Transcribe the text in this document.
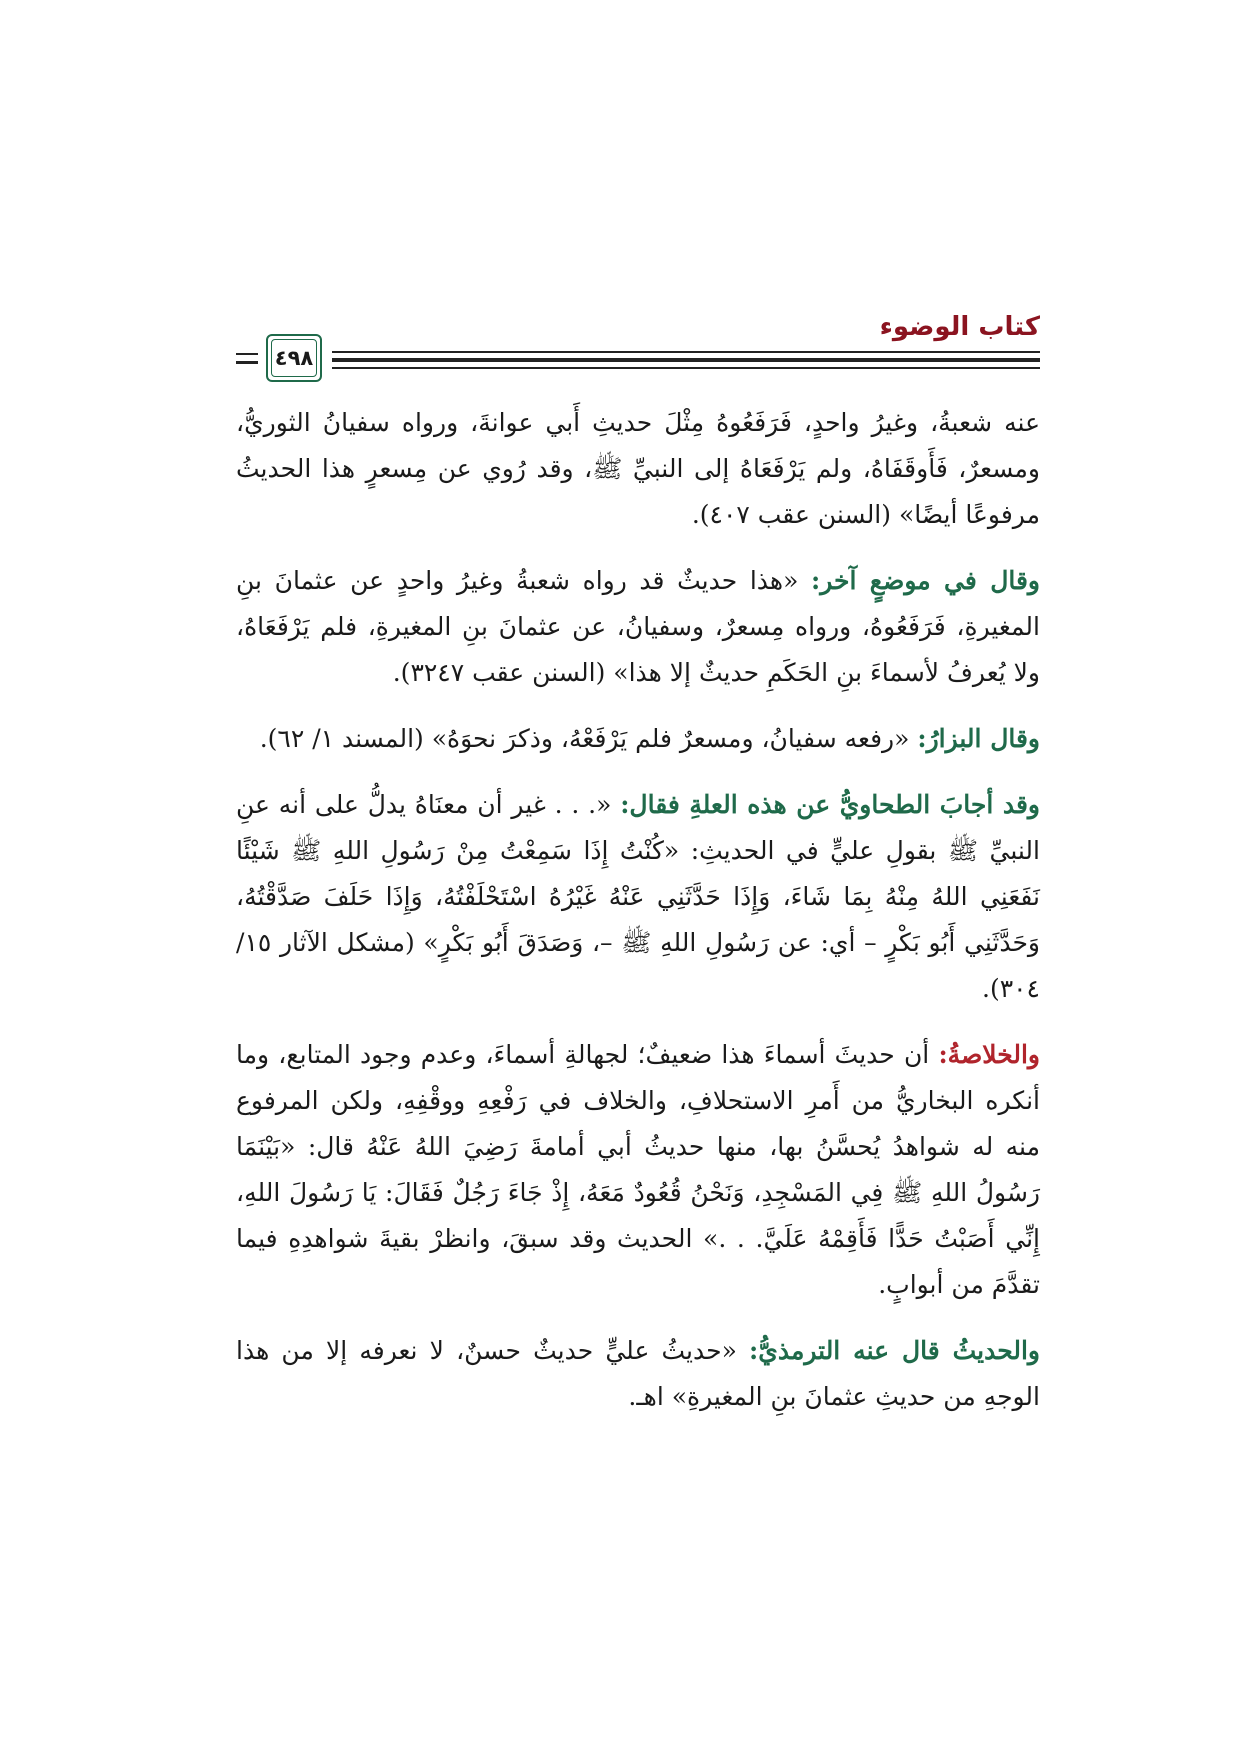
كتاب الوضوء
٤٩٨

عنه شعبةُ، وغيرُ واحدٍ، فَرَفَعُوهُ مِثْلَ حديثِ أَبي عوانةَ، ورواه سفيانُ الثوريُّ، ومسعرٌ، فَأَوقَفَاهُ، ولم يَرْفَعَاهُ إلى النبيِّ ﷺ، وقد رُوي عن مِسعرٍ هذا الحديثُ مرفوعًا أيضًا» (السنن عقب ٤٠٧).

وقال في موضعٍ آخر: «هذا حديثٌ قد رواه شعبةُ وغيرُ واحدٍ عن عثمانَ بنِ المغيرةِ، فَرَفَعُوهُ، ورواه مِسعرٌ، وسفيانُ، عن عثمانَ بنِ المغيرةِ، فلم يَرْفَعَاهُ، ولا يُعرفُ لأسماءَ بنِ الحَكَمِ حديثٌ إلا هذا» (السنن عقب ٣٢٤٧).

وقال البزارُ: «رفعه سفيانُ، ومسعرٌ فلم يَرْفَعْهُ، وذكرَ نحوَهُ» (المسند ١/ ٦٢).

وقد أجابَ الطحاويُّ عن هذه العلةِ فقال: «. . . غير أن معنَاهُ يدلُّ على أنه عنِ النبيِّ ﷺ بقولِ عليٍّ في الحديثِ: «كُنْتُ إِذَا سَمِعْتُ مِنْ رَسُولِ اللهِ ﷺ شَيْئًا نَفَعَنِي اللهُ مِنْهُ بِمَا شَاءَ، وَإِذَا حَدَّثَنِي عَنْهُ غَيْرُهُ اسْتَحْلَفْتُهُ، وَإِذَا حَلَفَ صَدَّقْتُهُ، وَحَدَّثَنِي أَبُو بَكْرٍ – أي: عن رَسُولِ اللهِ ﷺ –، وَصَدَقَ أَبُو بَكْرٍ» (مشكل الآثار ١٥/ ٣٠٤).

والخلاصةُ: أن حديثَ أسماءَ هذا ضعيفٌ؛ لجهالةِ أسماءَ، وعدم وجود المتابع، وما أنكره البخاريُّ من أَمرِ الاستحلافِ، والخلاف في رَفْعِهِ ووقْفِهِ، ولكن المرفوع منه له شواهدُ يُحسَّنُ بها، منها حديثُ أبي أمامةَ رَضِيَ اللهُ عَنْهُ قال: «بَيْنَمَا رَسُولُ اللهِ ﷺ فِي المَسْجِدِ، وَنَحْنُ قُعُودٌ مَعَهُ، إِذْ جَاءَ رَجُلٌ فَقَالَ: يَا رَسُولَ اللهِ، إِنِّي أَصَبْتُ حَدًّا فَأَقِمْهُ عَلَيَّ. . .» الحديث وقد سبقَ، وانظرْ بقيةَ شواهدِهِ فيما تقدَّمَ من أبوابٍ.

والحديثُ قال عنه الترمذيُّ: «حديثُ عليٍّ حديثٌ حسنٌ، لا نعرفه إلا من هذا الوجهِ من حديثِ عثمانَ بنِ المغيرةِ» اهـ.
